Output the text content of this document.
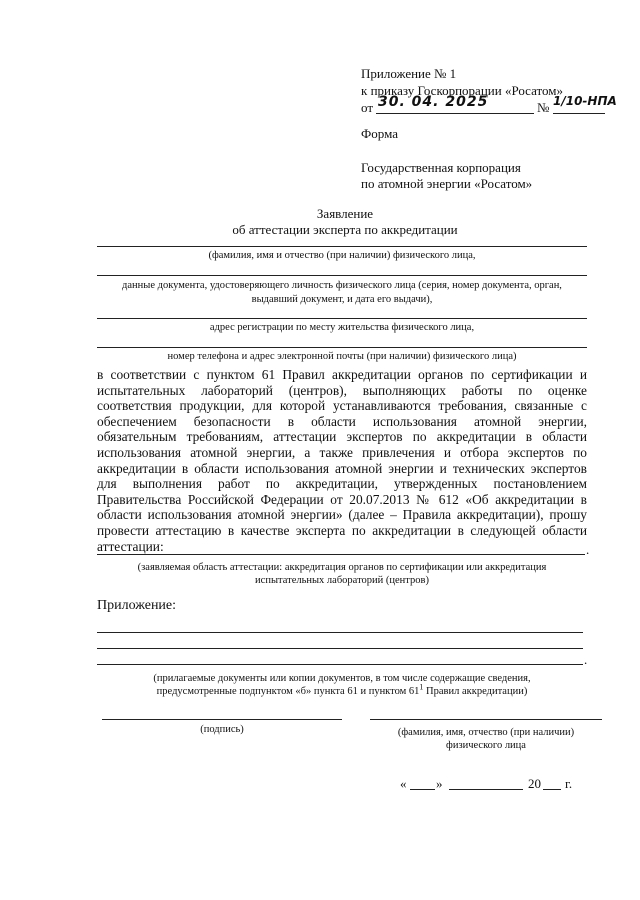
Приложение № 1
к приказу Госкорпорации «Росатом»
от 30. 04. 2025	№ 1/10-НПА
Форма
Государственная корпорация
по атомной энергии «Росатом»
Заявление
об аттестации эксперта по аккредитации
(фамилия, имя и отчество (при наличии) физического лица,
данные документа, удостоверяющего личность физического лица (серия, номер документа, орган,
выдавший документ, и дата его выдачи),
адрес регистрации по месту жительства физического лица,
номер телефона и адрес электронной почты (при наличии) физического лица)
в соответствии с пунктом 61 Правил аккредитации органов по сертификации и испытательных лабораторий (центров), выполняющих работы по оценке соответствия продукции, для которой устанавливаются требования, связанные с обеспечением безопасности в области использования атомной энергии, обязательным требованиям, аттестации экспертов по аккредитации в области использования атомной энергии, а также привлечения и отбора экспертов по аккредитации в области использования атомной энергии и технических экспертов для выполнения работ по аккредитации, утвержденных постановлением Правительства Российской Федерации от 20.07.2013 № 612 «Об аккредитации в области использования атомной энергии» (далее – Правила аккредитации), прошу провести аттестацию в качестве эксперта по аккредитации в следующей области аттестации:	.
(заявляемая область аттестации: аккредитация органов по сертификации или аккредитация
испытательных лабораторий (центров)
Приложение:
.
(прилагаемые документы или копии документов, в том числе содержащие сведения,
предусмотренные подпунктом «б» пункта 61 и пунктом $61^1$ Правил аккредитации)
(подпись)	(фамилия, имя, отчество (при наличии)
физического лица
« »	20 г.
